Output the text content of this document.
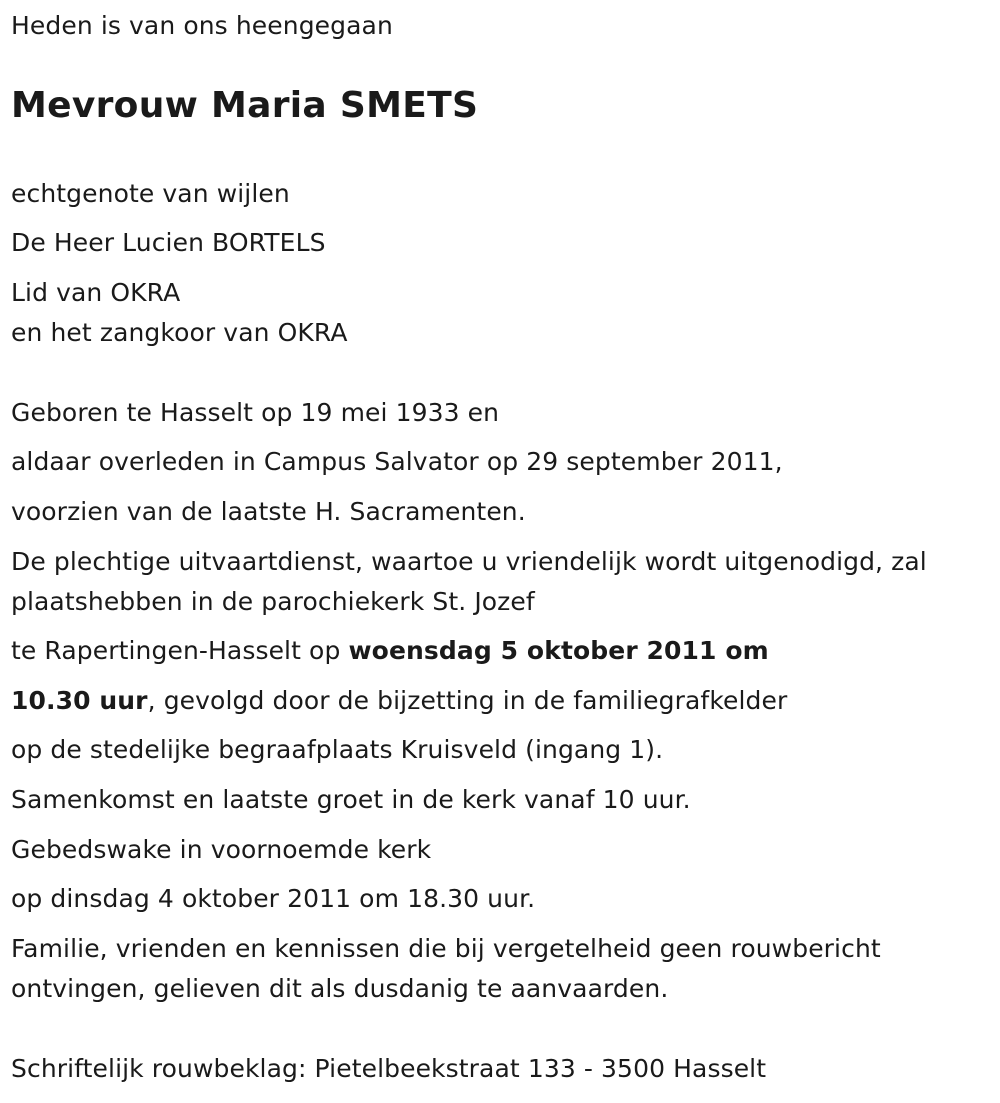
Heden is van ons heengegaan
Mevrouw Maria SMETS
echtgenote van wijlen
De Heer Lucien BORTELS
Lid van OKRA
en het zangkoor van OKRA
Geboren te Hasselt op 19 mei 1933 en
aldaar overleden in Campus Salvator op 29 september 2011,
voorzien van de laatste H. Sacramenten.
De plechtige uitvaartdienst, waartoe u vriendelijk wordt uitgenodigd, zal
plaatshebben in de parochiekerk St. Jozef
te Rapertingen-Hasselt op woensdag 5 oktober 2011 om
10.30 uur, gevolgd door de bijzetting in de familiegrafkelder
op de stedelijke begraafplaats Kruisveld (ingang 1).
Samenkomst en laatste groet in de kerk vanaf 10 uur.
Gebedswake in voornoemde kerk
op dinsdag 4 oktober 2011 om 18.30 uur.
Familie, vrienden en kennissen die bij vergetelheid geen rouwbericht
ontvingen, gelieven dit als dusdanig te aanvaarden.
Schriftelijk rouwbeklag: Pietelbeekstraat 133 - 3500 Hasselt
